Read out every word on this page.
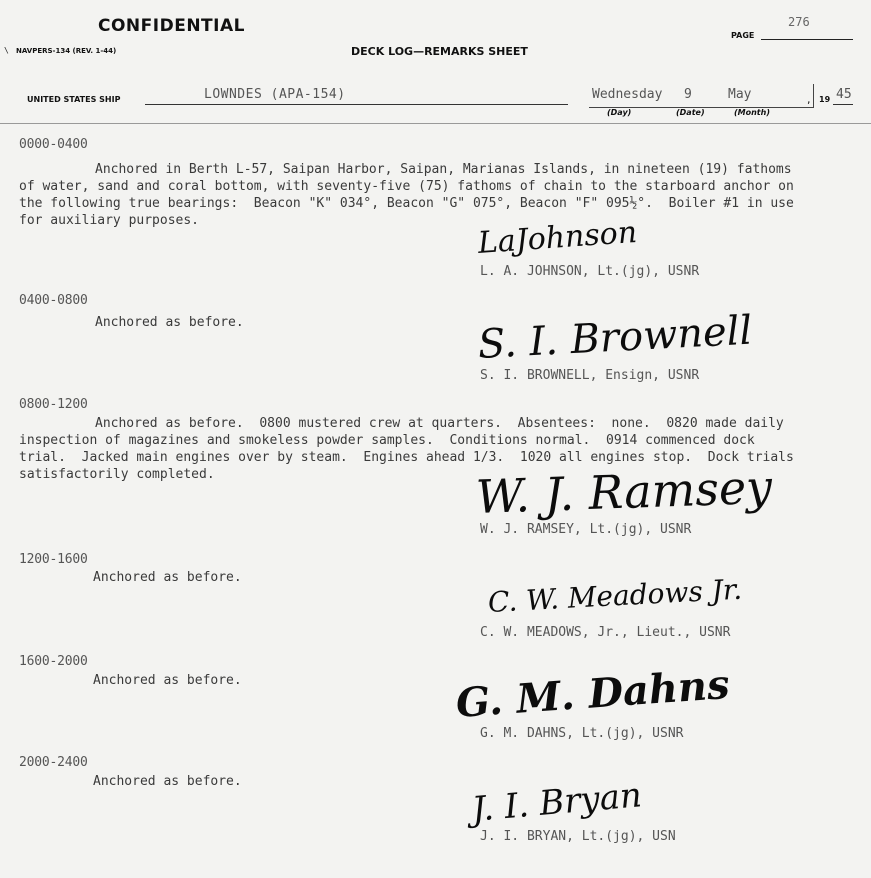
CONFIDENTIAL
\ NAVPERS-134 (REV. 1-44)	DECK LOG—REMARKS SHEET
PAGE
276
UNITED STATES SHIP	LOWNDES (APA-154)	Wednesday 9	May
(Day)	(Date)	(Month)
, 19 45
0000-0400
Anchored in Berth L-57, Saipan Harbor, Saipan, Marianas Islands, in nineteen (19) fathoms
of water, sand and coral bottom, with seventy-five (75) fathoms of chain to the starboard anchor on
the following true bearings:  Beacon "K" 034°, Beacon "G" 075°, Beacon "F" 095½°.  Boiler #1 in use
for auxiliary purposes.	LaJohnson
L. A. JOHNSON, Lt.(jg), USNR
0400-0800
Anchored as before.	S. I. Brownell
S. I. BROWNELL, Ensign, USNR
0800-1200
Anchored as before.  0800 mustered crew at quarters.  Absentees:  none.  0820 made daily
inspection of magazines and smokeless powder samples.  Conditions normal.  0914 commenced dock
trial.  Jacked main engines over by steam.  Engines ahead 1/3.  1020 all engines stop.  Dock trials
satisfactorily completed.	W. J. Ramsey
W. J. RAMSEY, Lt.(jg), USNR
1200-1600
Anchored as before.	C. W. Meadows Jr.
C. W. MEADOWS, Jr., Lieut., USNR
1600-2000
Anchored as before.	G. M. Dahns
G. M. DAHNS, Lt.(jg), USNR
2000-2400
Anchored as before.	J. I. Bryan
J. I. BRYAN, Lt.(jg), USN
